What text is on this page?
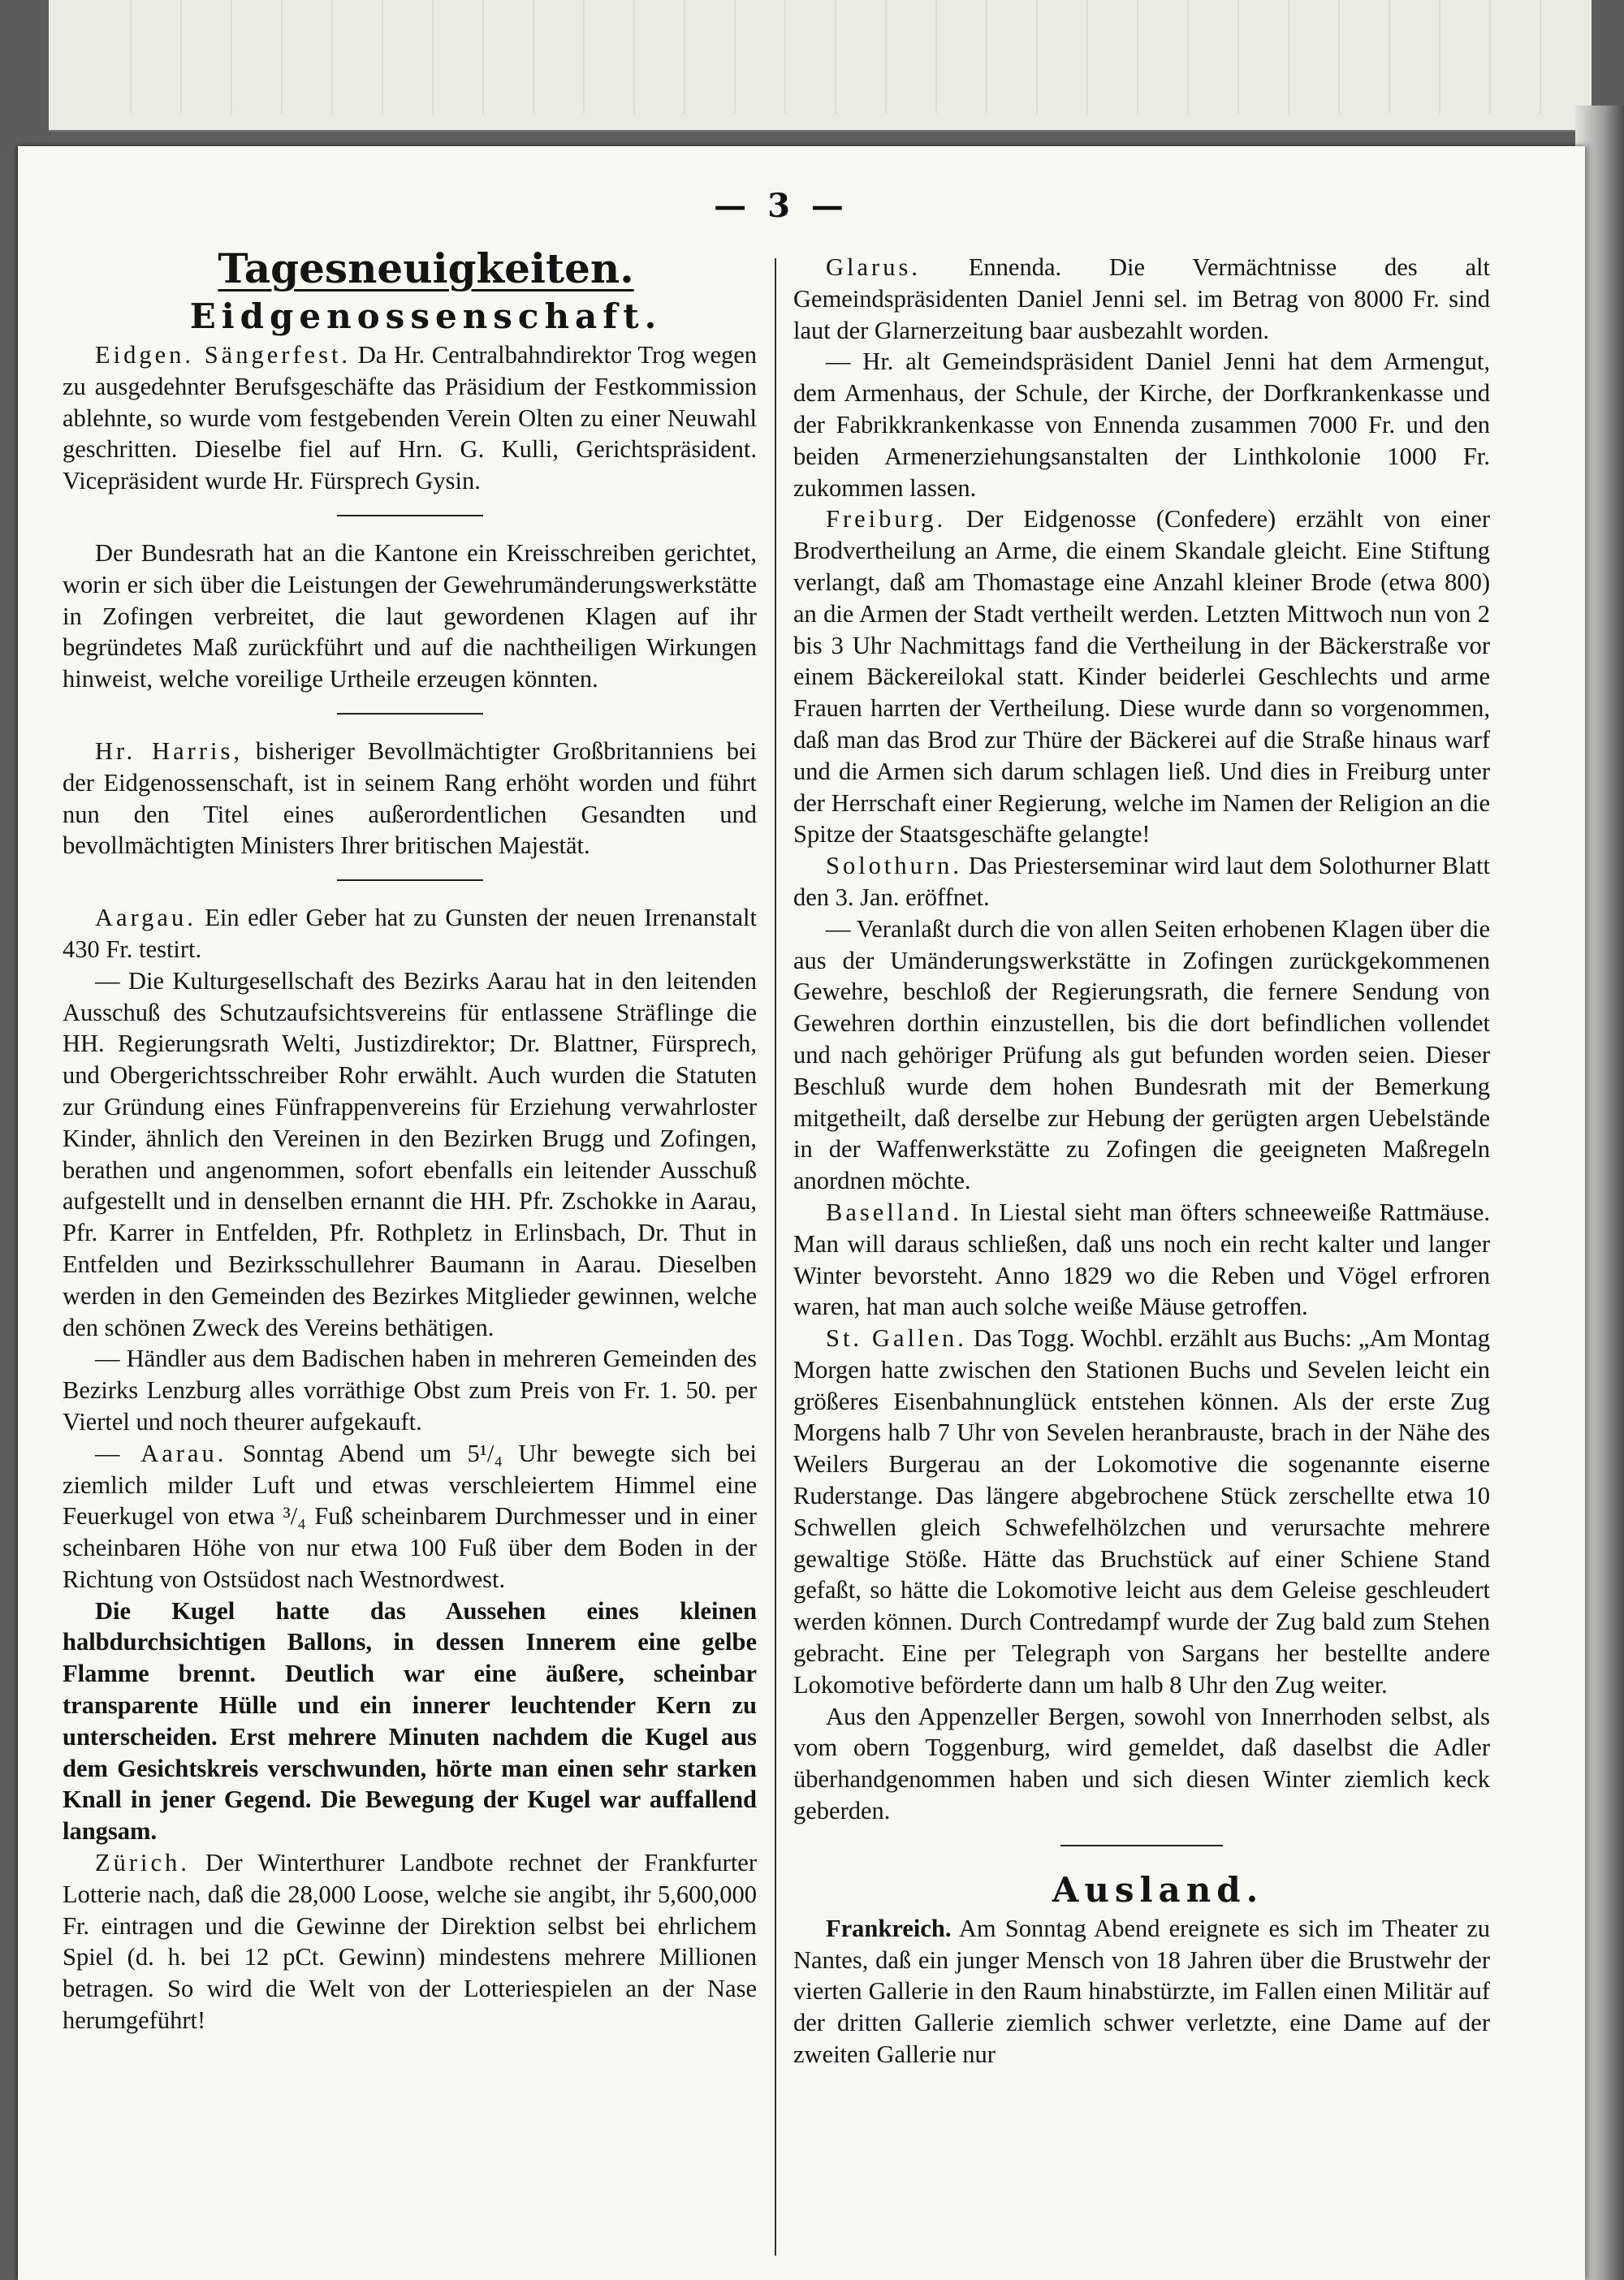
— 3 —

Tagesneuigkeiten.

Eidgenossenschaft.

Eidgen. Sängerfest. Da Hr. Centralbahndirektor Trog wegen zu ausgedehnter Berufsgeschäfte das Präsidium der Festkommission ablehnte, so wurde vom festgebenden Verein Olten zu einer Neuwahl geschritten. Dieselbe fiel auf Hrn. G. Kulli, Gerichtspräsident. Vicepräsident wurde Hr. Fürsprech Gysin.

Der Bundesrath hat an die Kantone ein Kreisschreiben gerichtet, worin er sich über die Leistungen der Gewehrumänderungswerkstätte in Zofingen verbreitet, die laut gewordenen Klagen auf ihr begründetes Maß zurückführt und auf die nachtheiligen Wirkungen hinweist, welche voreilige Urtheile erzeugen könnten.

Hr. Harris, bisheriger Bevollmächtigter Großbritanniens bei der Eidgenossenschaft, ist in seinem Rang erhöht worden und führt nun den Titel eines außerordentlichen Gesandten und bevollmächtigten Ministers Ihrer britischen Majestät.

Aargau. Ein edler Geber hat zu Gunsten der neuen Irrenanstalt 430 Fr. testirt.

— Die Kulturgesellschaft des Bezirks Aarau hat in den leitenden Ausschuß des Schutzaufsichtsvereins für entlassene Sträflinge die HH. Regierungsrath Welti, Justizdirektor; Dr. Blattner, Fürsprech, und Obergerichtsschreiber Rohr erwählt. Auch wurden die Statuten zur Gründung eines Fünfrappenvereins für Erziehung verwahrloster Kinder, ähnlich den Vereinen in den Bezirken Brugg und Zofingen, berathen und angenommen, sofort ebenfalls ein leitender Ausschuß aufgestellt und in denselben ernannt die HH. Pfr. Zschokke in Aarau, Pfr. Karrer in Entfelden, Pfr. Rothpletz in Erlinsbach, Dr. Thut in Entfelden und Bezirksschullehrer Baumann in Aarau. Dieselben werden in den Gemeinden des Bezirkes Mitglieder gewinnen, welche den schönen Zweck des Vereins bethätigen.

— Händler aus dem Badischen haben in mehreren Gemeinden des Bezirks Lenzburg alles vorräthige Obst zum Preis von Fr. 1. 50. per Viertel und noch theurer aufgekauft.

— Aarau. Sonntag Abend um 5¹/₄ Uhr bewegte sich bei ziemlich milder Luft und etwas verschleiertem Himmel eine Feuerkugel von etwa ³/₄ Fuß scheinbarem Durchmesser und in einer scheinbaren Höhe von nur etwa 100 Fuß über dem Boden in der Richtung von Ostsüdost nach Westnordwest.

Die Kugel hatte das Aussehen eines kleinen halbdurchsichtigen Ballons, in dessen Innerem eine gelbe Flamme brennt. Deutlich war eine äußere, scheinbar transparente Hülle und ein innerer leuchtender Kern zu unterscheiden. Erst mehrere Minuten nachdem die Kugel aus dem Gesichtskreis verschwunden, hörte man einen sehr starken Knall in jener Gegend. Die Bewegung der Kugel war auffallend langsam.

Zürich. Der Winterthurer Landbote rechnet der Frankfurter Lotterie nach, daß die 28,000 Loose, welche sie angibt, ihr 5,600,000 Fr. eintragen und die Gewinne der Direktion selbst bei ehrlichem Spiel (d. h. bei 12 pCt. Gewinn) mindestens mehrere Millionen betragen. So wird die Welt von der Lotteriespielen an der Nase herumgeführt!

Glarus. Ennenda. Die Vermächtnisse des alt Gemeindspräsidenten Daniel Jenni sel. im Betrag von 8000 Fr. sind laut der Glarnerzeitung baar ausbezahlt worden.

— Hr. alt Gemeindspräsident Daniel Jenni hat dem Armengut, dem Armenhaus, der Schule, der Kirche, der Dorfkrankenkasse und der Fabrikkrankenkasse von Ennenda zusammen 7000 Fr. und den beiden Armenerziehungsanstalten der Linthkolonie 1000 Fr. zukommen lassen.

Freiburg. Der Eidgenosse (Confedere) erzählt von einer Brodvertheilung an Arme, die einem Skandale gleicht. Eine Stiftung verlangt, daß am Thomastage eine Anzahl kleiner Brode (etwa 800) an die Armen der Stadt vertheilt werden. Letzten Mittwoch nun von 2 bis 3 Uhr Nachmittags fand die Vertheilung in der Bäckerstraße vor einem Bäckereilokal statt. Kinder beiderlei Geschlechts und arme Frauen harrten der Vertheilung. Diese wurde dann so vorgenommen, daß man das Brod zur Thüre der Bäckerei auf die Straße hinaus warf und die Armen sich darum schlagen ließ. Und dies in Freiburg unter der Herrschaft einer Regierung, welche im Namen der Religion an die Spitze der Staatsgeschäfte gelangte!

Solothurn. Das Priesterseminar wird laut dem Solothurner Blatt den 3. Jan. eröffnet.

— Veranlaßt durch die von allen Seiten erhobenen Klagen über die aus der Umänderungswerkstätte in Zofingen zurückgekommenen Gewehre, beschloß der Regierungsrath, die fernere Sendung von Gewehren dorthin einzustellen, bis die dort befindlichen vollendet und nach gehöriger Prüfung als gut befunden worden seien. Dieser Beschluß wurde dem hohen Bundesrath mit der Bemerkung mitgetheilt, daß derselbe zur Hebung der gerügten argen Uebelstände in der Waffenwerkstätte zu Zofingen die geeigneten Maßregeln anordnen möchte.

Baselland. In Liestal sieht man öfters schneeweiße Rattmäuse. Man will daraus schließen, daß uns noch ein recht kalter und langer Winter bevorsteht. Anno 1829 wo die Reben und Vögel erfroren waren, hat man auch solche weiße Mäuse getroffen.

St. Gallen. Das Togg. Wochbl. erzählt aus Buchs: „Am Montag Morgen hatte zwischen den Stationen Buchs und Sevelen leicht ein größeres Eisenbahnunglück entstehen können. Als der erste Zug Morgens halb 7 Uhr von Sevelen heranbrauste, brach in der Nähe des Weilers Burgerau an der Lokomotive die sogenannte eiserne Ruderstange. Das längere abgebrochene Stück zerschellte etwa 10 Schwellen gleich Schwefelhölzchen und verursachte mehrere gewaltige Stöße. Hätte das Bruchstück auf einer Schiene Stand gefaßt, so hätte die Lokomotive leicht aus dem Geleise geschleudert werden können. Durch Contredampf wurde der Zug bald zum Stehen gebracht. Eine per Telegraph von Sargans her bestellte andere Lokomotive beförderte dann um halb 8 Uhr den Zug weiter.

Aus den Appenzeller Bergen, sowohl von Innerrhoden selbst, als vom obern Toggenburg, wird gemeldet, daß daselbst die Adler überhandgenommen haben und sich diesen Winter ziemlich keck geberden.

Ausland.

Frankreich. Am Sonntag Abend ereignete es sich im Theater zu Nantes, daß ein junger Mensch von 18 Jahren über die Brustwehr der vierten Gallerie in den Raum hinabstürzte, im Fallen einen Militär auf der dritten Gallerie ziemlich schwer verletzte, eine Dame auf der zweiten Gallerie nur
